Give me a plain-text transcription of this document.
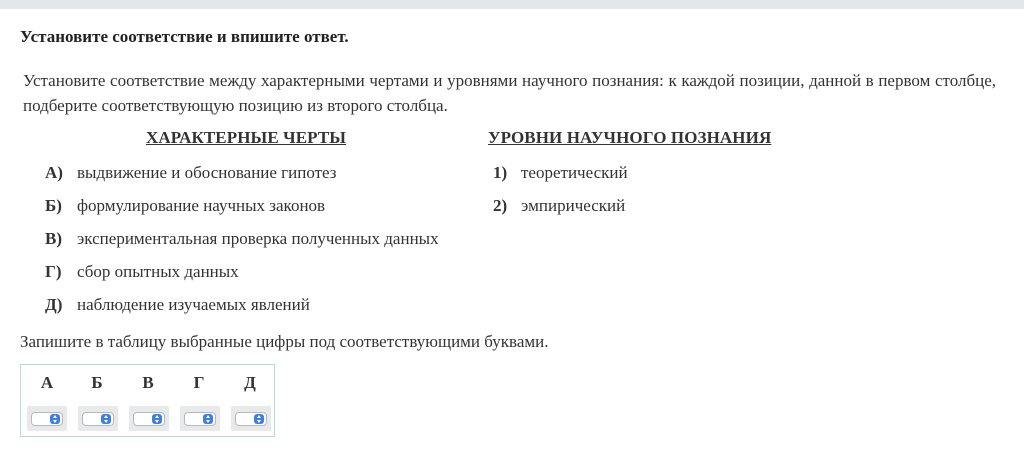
Установите соответствие и впишите ответ.
Установите соответствие между характерными чертами и уровнями научного познания: к каждой позиции, данной в первом столбце, подберите соответствующую позицию из второго столбца.
ХАРАКТЕРНЫЕ ЧЕРТЫ	УРОВНИ НАУЧНОГО ПОЗНАНИЯ
А) выдвижение и обоснование гипотез
Б) формулирование научных законов
В) экспериментальная проверка полученных данных
Г) сбор опытных данных
Д) наблюдение изучаемых явлений
1) теоретический
2) эмпирический
Запишите в таблицу выбранные цифры под соответствующими буквами.
А	Б	В	Г	Д
